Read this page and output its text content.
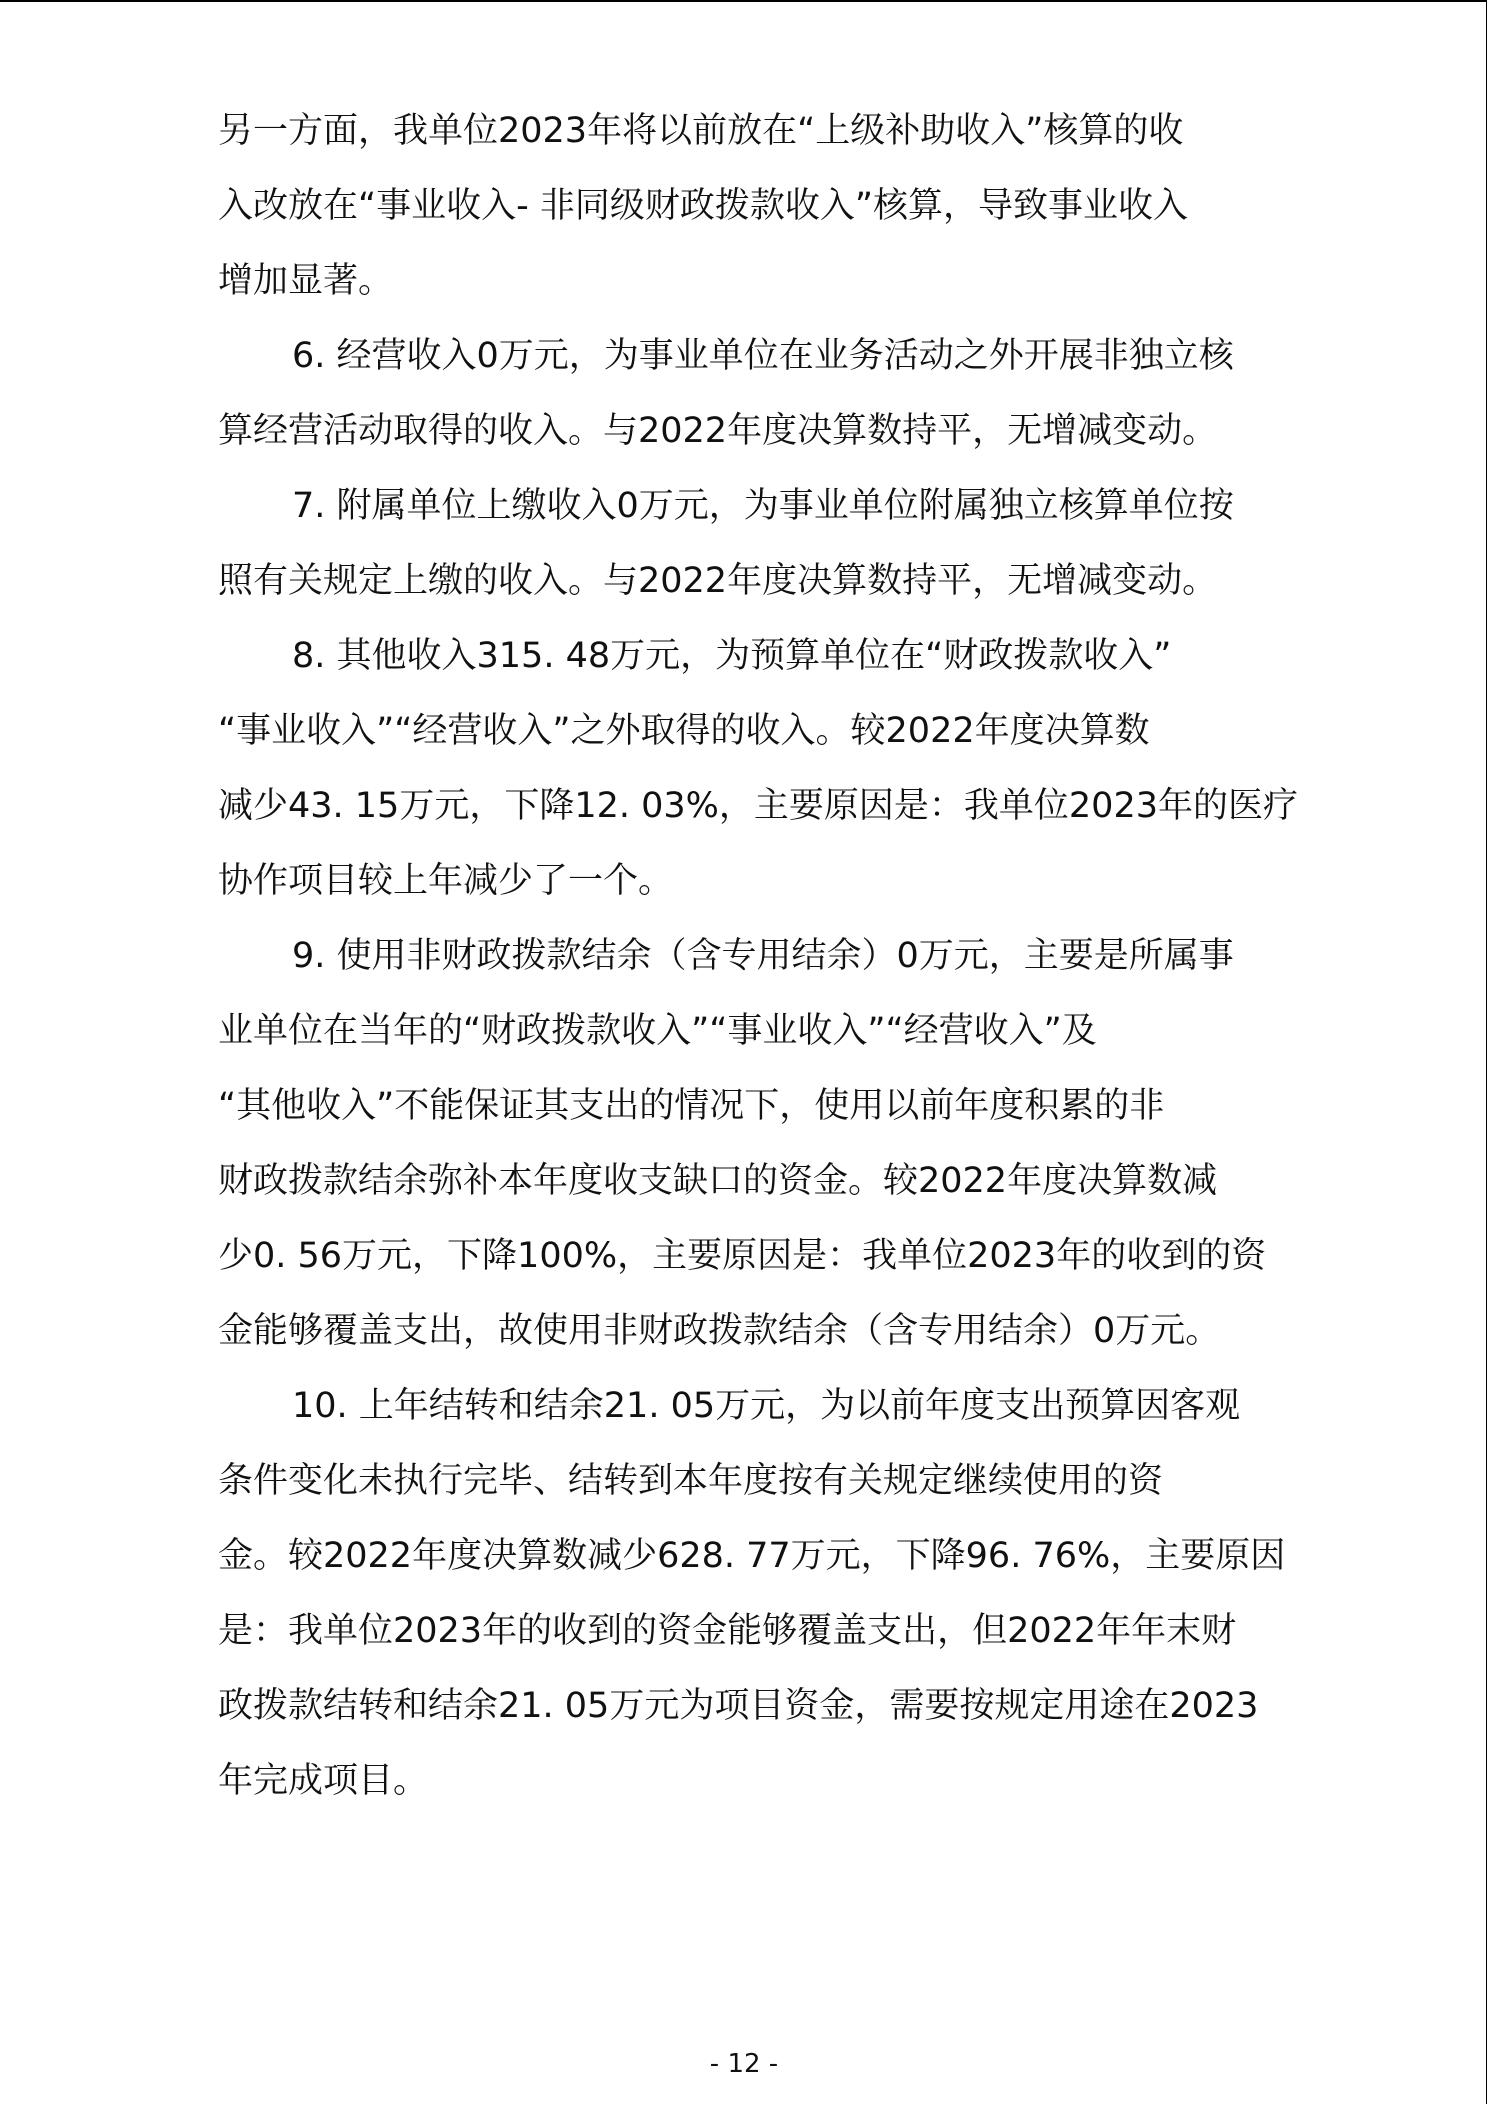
另一方面，我单位2023年将以前放在“上级补助收入”核算的收
入改放在“事业收入- 非同级财政拨款收入”核算，导致事业收入
增加显著。
6. 经营收入0万元，为事业单位在业务活动之外开展非独立核
算经营活动取得的收入。与2022年度决算数持平，无增减变动。
7. 附属单位上缴收入0万元，为事业单位附属独立核算单位按
照有关规定上缴的收入。与2022年度决算数持平，无增减变动。
8. 其他收入315. 48万元，为预算单位在“财政拨款收入”
“事业收入”“经营收入”之外取得的收入。较2022年度决算数
减少43. 15万元，下降12. 03%，主要原因是：我单位2023年的医疗
协作项目较上年减少了一个。
9. 使用非财政拨款结余（含专用结余）0万元，主要是所属事
业单位在当年的“财政拨款收入”“事业收入”“经营收入”及
“其他收入”不能保证其支出的情况下，使用以前年度积累的非
财政拨款结余弥补本年度收支缺口的资金。较2022年度决算数减
少0. 56万元，下降100%，主要原因是：我单位2023年的收到的资
金能够覆盖支出，故使用非财政拨款结余（含专用结余）0万元。
10. 上年结转和结余21. 05万元，为以前年度支出预算因客观
条件变化未执行完毕、结转到本年度按有关规定继续使用的资
金。较2022年度决算数减少628. 77万元，下降96. 76%，主要原因
是：我单位2023年的收到的资金能够覆盖支出，但2022年年末财
政拨款结转和结余21. 05万元为项目资金，需要按规定用途在2023
年完成项目。
- 12 -
